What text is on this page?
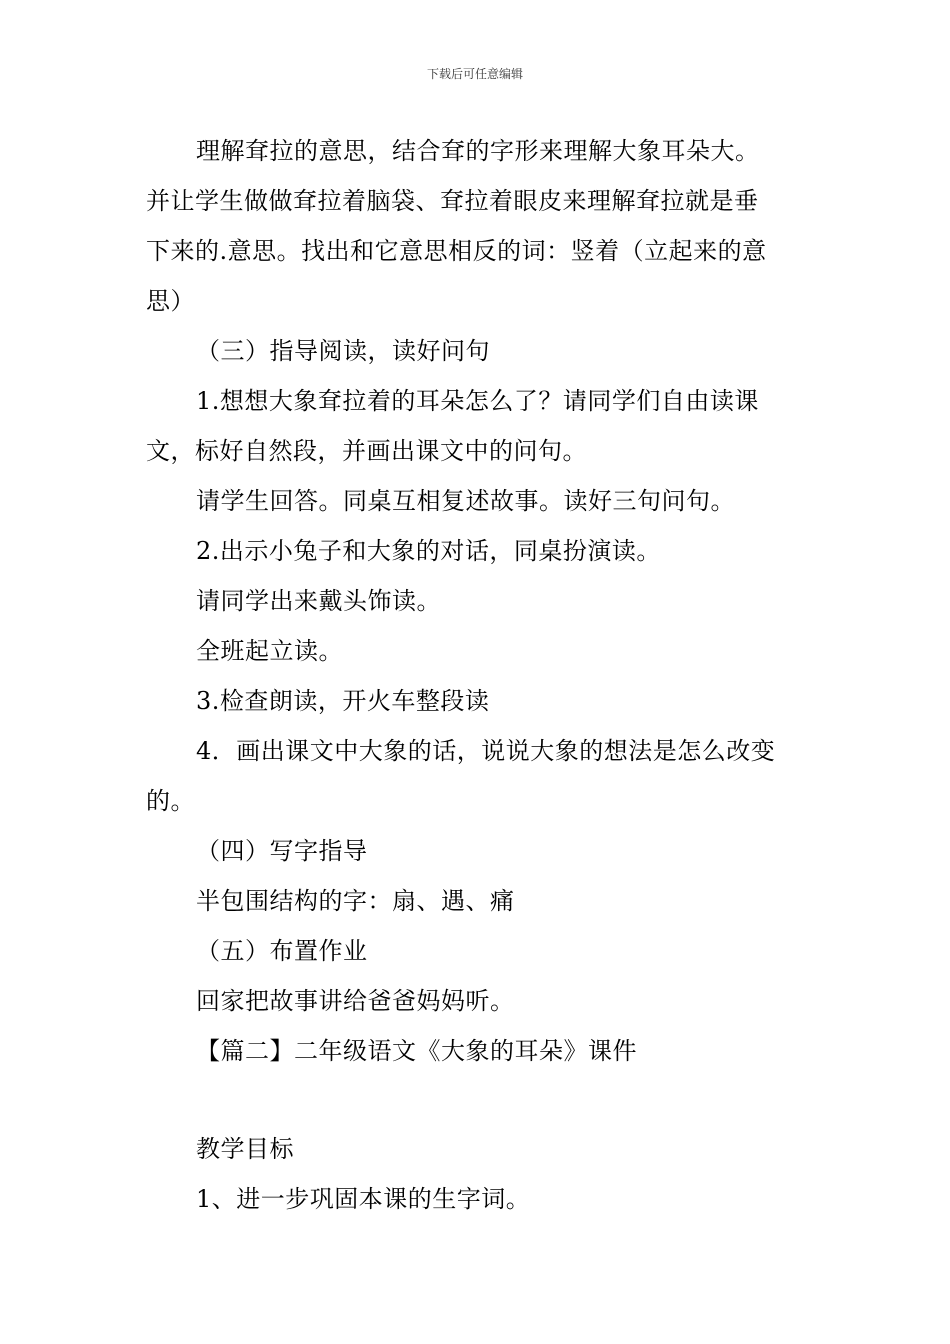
下载后可任意编辑
理解耷拉的意思，结合耷的字形来理解大象耳朵大。
并让学生做做耷拉着脑袋、耷拉着眼皮来理解耷拉就是垂
下来的.意思。找出和它意思相反的词：竖着（立起来的意
思）
（三）指导阅读，读好问句
1.想想大象耷拉着的耳朵怎么了？请同学们自由读课
文，标好自然段，并画出课文中的问句。
请学生回答。同桌互相复述故事。读好三句问句。
2.出示小兔子和大象的对话，同桌扮演读。
请同学出来戴头饰读。
全班起立读。
3.检查朗读，开火车整段读
4．画出课文中大象的话，说说大象的想法是怎么改变
的。
（四）写字指导
半包围结构的字：扇、遇、痛
（五）布置作业
回家把故事讲给爸爸妈妈听。
【篇二】二年级语文《大象的耳朵》课件
教学目标
1、进一步巩固本课的生字词。
